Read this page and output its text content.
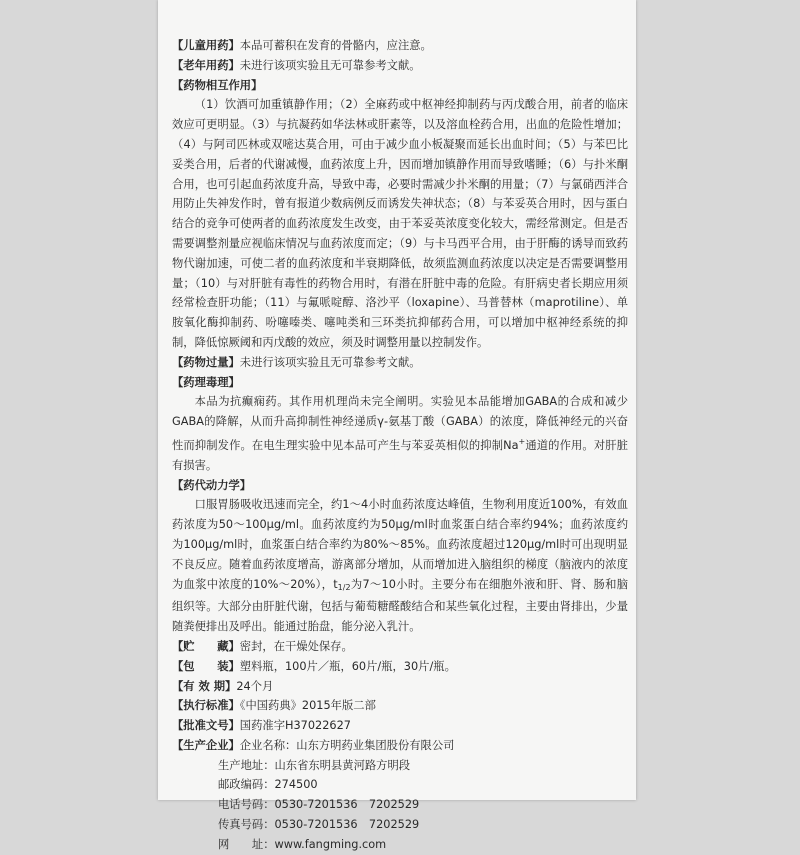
【儿童用药】本品可蓄积在发育的骨骼内，应注意。
【老年用药】未进行该项实验且无可靠参考文献。
【药物相互作用】

（1）饮酒可加重镇静作用；（2）全麻药或中枢神经抑制药与丙戊酸合用，前者的临床效应可更明显。（3）与抗凝药如华法林或肝素等，以及溶血栓药合用，出血的危险性增加；（4）与阿司匹林或双嘧达莫合用，可由于减少血小板凝聚而延长出血时间；（5）与苯巴比妥类合用，后者的代谢减慢，血药浓度上升，因而增加镇静作用而导致嗜睡；（6）与扑米酮合用，也可引起血药浓度升高，导致中毒，必要时需减少扑米酮的用量；（7）与氯硝西泮合用防止失神发作时，曾有报道少数病例反而诱发失神状态；（8）与苯妥英合用时，因与蛋白结合的竞争可使两者的血药浓度发生改变，由于苯妥英浓度变化较大，需经常测定。但是否需要调整剂量应视临床情况与血药浓度而定；（9）与卡马西平合用，由于肝酶的诱导而致药物代谢加速，可使二者的血药浓度和半衰期降低，故须监测血药浓度以决定是否需要调整用量；（10）与对肝脏有毒性的药物合用时，有潜在肝脏中毒的危险。有肝病史者长期应用须经常检查肝功能；（11）与氟哌啶醇、洛沙平（loxapine）、马普替林（maprotiline）、单胺氧化酶抑制药、吩噻嗪类、噻吨类和三环类抗抑郁药合用，可以增加中枢神经系统的抑制，降低惊厥阈和丙戊酸的效应，须及时调整用量以控制发作。

【药物过量】未进行该项实验且无可靠参考文献。
【药理毒理】

本品为抗癫痫药。其作用机理尚未完全阐明。实验见本品能增加GABA的合成和减少GABA的降解，从而升高抑制性神经递质γ-氨基丁酸（GABA）的浓度，降低神经元的兴奋性而抑制发作。在电生理实验中见本品可产生与苯妥英相似的抑制Na+通道的作用。对肝脏有损害。

【药代动力学】

口服胃肠吸收迅速而完全，约1～4小时血药浓度达峰值，生物利用度近100%，有效血药浓度为50～100μg/ml。血药浓度约为50μg/ml时血浆蛋白结合率约94%；血药浓度约为100μg/ml时，血浆蛋白结合率约为80%～85%。血药浓度超过120μg/ml时可出现明显不良反应。随着血药浓度增高，游离部分增加，从而增加进入脑组织的梯度（脑液内的浓度为血浆中浓度的10%～20%），$t_{1/2}$为7～10小时。主要分布在细胞外液和肝、肾、肠和脑组织等。大部分由肝脏代谢，包括与葡萄糖醛酸结合和某些氧化过程，主要由肾排出，少量随粪便排出及呼出。能通过胎盘，能分泌入乳汁。

【贮　　藏】密封，在干燥处保存。
【包　　装】塑料瓶，100片／瓶，60片/瓶，30片/瓶。
【有 效 期】24个月
【执行标准】《中国药典》2015年版二部
【批准文号】国药准字H37022627
【生产企业】企业名称：山东方明药业集团股份有限公司
生产地址：山东省东明县黄河路方明段
邮政编码：274500
电话号码：0530-7201536　7202529
传真号码：0530-7201536　7202529
网　　址：www.fangming.com
